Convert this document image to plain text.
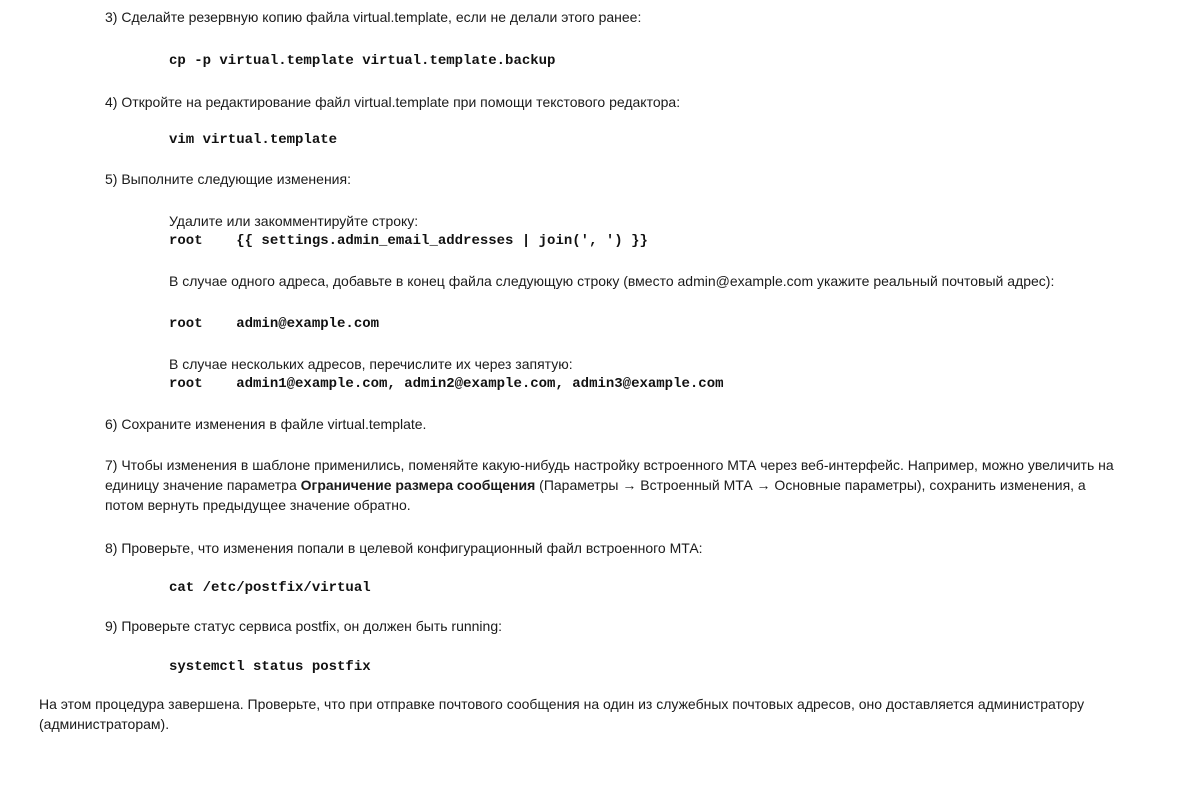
3) Сделайте резервную копию файла virtual.template, если не делали этого ранее:

cp -p virtual.template virtual.template.backup

4) Откройте на редактирование файл virtual.template при помощи текстового редактора:

vim virtual.template

5) Выполните следующие изменения:

Удалите или закомментируйте строку:

root    {{ settings.admin_email_addresses | join(', ') }}

В случае одного адреса, добавьте в конец файла следующую строку (вместо admin@example.com укажите реальный почтовый адрес):

root    admin@example.com

В случае нескольких адресов, перечислите их через запятую:

root    admin1@example.com, admin2@example.com, admin3@example.com

6) Сохраните изменения в файле virtual.template.

7) Чтобы изменения в шаблоне применились, поменяйте какую-нибудь настройку встроенного МТА через веб-интерфейс. Например, можно увеличить на единицу значение параметра Ограничение размера сообщения (Параметры → Встроенный МТА → Основные параметры), сохранить изменения, а потом вернуть предыдущее значение обратно.

8) Проверьте, что изменения попали в целевой конфигурационный файл встроенного МТА:

cat /etc/postfix/virtual

9) Проверьте статус сервиса postfix, он должен быть running:

systemctl status postfix

На этом процедура завершена. Проверьте, что при отправке почтового сообщения на один из служебных почтовых адресов, оно доставляется администратору (администраторам).
